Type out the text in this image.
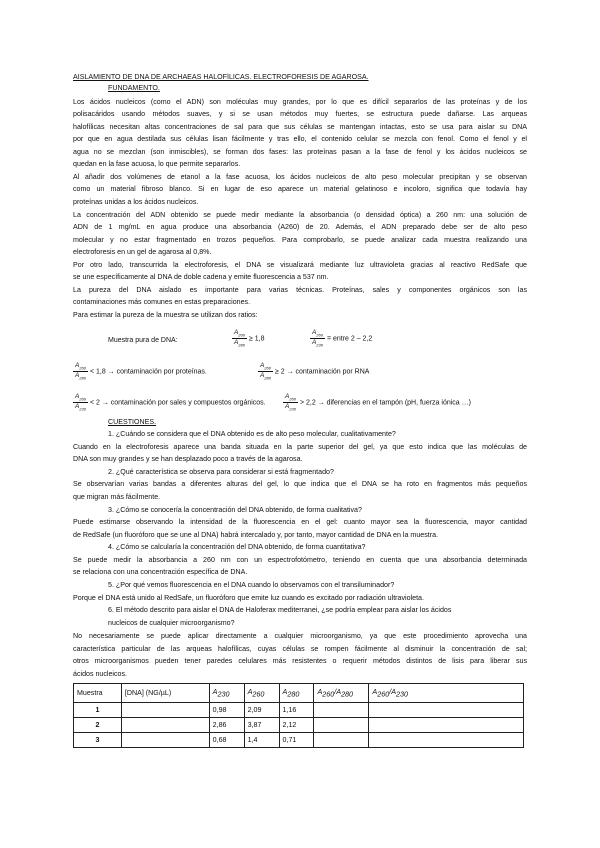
AISLAMIENTO DE DNA DE ARCHAEAS HALOFÍLICAS. ELECTROFORESIS DE AGAROSA.
FUNDAMENTO.
Los ácidos nucleicos (como el ADN) son moléculas muy grandes, por lo que es difícil separarlos de las proteínas y de los
polisacáridos usando métodos suaves, y si se usan métodos muy fuertes, se estructura puede dañarse. Las arqueas
halofílicas necesitan altas concentraciones de sal para que sus células se mantengan intactas, esto se usa para aislar su DNA
por que en agua destilada sus células lisan fácilmente y tras ello, el contenido celular se mezcla con fenol. Como el fenol y el
agua no se mezclan (son inmiscibles), se forman dos fases: las proteínas pasan a la fase de fenol y los ácidos nucleicos se
quedan en la fase acuosa, lo que permite separarlos.
Al añadir dos volúmenes de etanol a la fase acuosa, los ácidos nucleicos de alto peso molecular precipitan y se observan
como un material fibroso blanco. Si en lugar de eso aparece un material gelatinoso e incoloro, significa que todavía hay
proteínas unidas a los ácidos nucleicos.
La concentración del ADN obtenido se puede medir mediante la absorbancia (o densidad óptica) a 260 nm: una solución de
ADN de 1 mg/mL en agua produce una absorbancia (A260) de 20. Además, el ADN preparado debe ser de alto peso
molecular y no estar fragmentado en trozos pequeños. Para comprobarlo, se puede analizar cada muestra realizando una
electroforesis en un gel de agarosa al 0,8%.
Por otro lado, transcurrida la electroforesis, el DNA se visualizará mediante luz ultravioleta gracias al reactivo RedSafe que
se une específicamente al DNA de doble cadena y emite fluorescencia a 537 nm.
La pureza del DNA aislado es importante para varias técnicas. Proteínas, sales y componentes orgánicos son las
contaminaciones más comunes en estas preparaciones.
Para estimar la pureza de la muestra se utilizan dos ratios:
Muestra pura de DNA:	$\frac{A_{260}}{A_{280}} \ge 1,8$	$\frac{A_{260}}{A_{230}}$ = entre 2 – 2,2
$\frac{A_{260}}{A_{280}} < 1,8$ → contaminación por proteínas.	$\frac{A_{260}}{A_{280}} \ge 2$ → contaminación por RNA
$\frac{A_{260}}{A_{230}} < 2$ → contaminación por sales y compuestos orgánicos.	$\frac{A_{260}}{A_{230}} > 2,2$ → diferencias en el tampón (pH, fuerza iónica …)
CUESTIONES.
1. ¿Cuándo se considera que el DNA obtenido es de alto peso molecular, cualitativamente?
Cuando en la electroforesis aparece una banda situada en la parte superior del gel, ya que esto indica que las moléculas de
DNA son muy grandes y se han desplazado poco a través de la agarosa.
2. ¿Qué característica se observa para considerar si está fragmentado?
Se observarían varias bandas a diferentes alturas del gel, lo que indica que el DNA se ha roto en fragmentos más pequeños
que migran más fácilmente.
3. ¿Cómo se conocería la concentración del DNA obtenido, de forma cualitativa?
Puede estimarse observando la intensidad de la fluorescencia en el gel: cuanto mayor sea la fluorescencia, mayor cantidad
de RedSafe (un fluoróforo que se une al DNA) habrá intercalado y, por tanto, mayor cantidad de DNA en la muestra.
4. ¿Cómo se calcularía la concentración del DNA obtenido, de forma cuantitativa?
Se puede medir la absorbancia a 260 nm con un espectrofotómetro, teniendo en cuenta que una absorbancia determinada
se relaciona con una concentración específica de DNA.
5. ¿Por qué vemos fluorescencia en el DNA cuando lo observamos con el transiluminador?
Porque el DNA está unido al RedSafe, un fluoróforo que emite luz cuando es excitado por radiación ultravioleta.
6. El método descrito para aislar el DNA de Haloferax mediterranei, ¿se podría emplear para aislar los ácidos
nucleicos de cualquier microorganismo?
No necesariamente se puede aplicar directamente a cualquier microorganismo, ya que este procedimiento aprovecha una
característica particular de las arqueas halofílicas, cuyas células se rompen fácilmente al disminuir la concentración de sal;
otros microorganismos pueden tener paredes celulares más resistentes o requerir métodos distintos de lisis para liberar sus
ácidos nucleicos.
Muestra	[DNA] (NG/µL)	$A_{230}$	$A_{260}$	$A_{280}$	$A_{260}/A_{280}$	$A_{260}/A_{230}$
1		0,98	2,09	1,16		
2		2,86	3,87	2,12		
3		0,68	1,4	0,71		
